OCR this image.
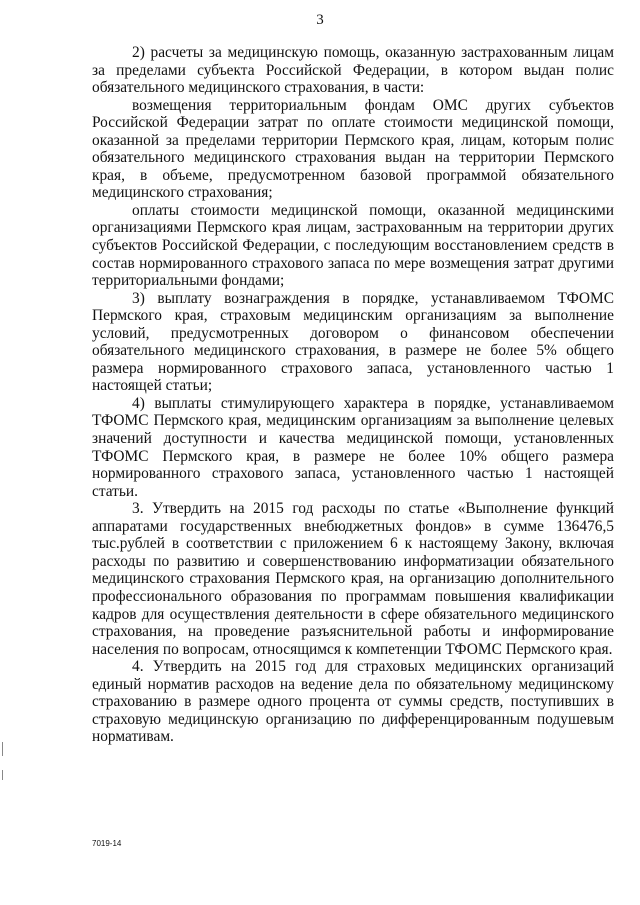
3

2) расчеты за медицинскую помощь, оказанную застрахованным лицам за пределами субъекта Российской Федерации, в котором выдан полис обязательного медицинского страхования, в части:

возмещения территориальным фондам ОМС других субъектов Российской Федерации затрат по оплате стоимости медицинской помощи, оказанной за пределами территории Пермского края, лицам, которым полис обязательного медицинского страхования выдан на территории Пермского края, в объеме, предусмотренном базовой программой обязательного медицинского страхования;

оплаты стоимости медицинской помощи, оказанной медицинскими организациями Пермского края лицам, застрахованным на территории других субъектов Российской Федерации, с последующим восстановлением средств в состав нормированного страхового запаса по мере возмещения затрат другими территориальными фондами;

3) выплату вознаграждения в порядке, устанавливаемом ТФОМС Пермского края, страховым медицинским организациям за выполнение условий, предусмотренных договором о финансовом обеспечении обязательного медицинского страхования, в размере не более 5% общего размера нормированного страхового запаса, установленного частью 1 настоящей статьи;

4) выплаты стимулирующего характера в порядке, устанавливаемом ТФОМС Пермского края, медицинским организациям за выполнение целевых значений доступности и качества медицинской помощи, установленных ТФОМС Пермского края, в размере не более 10% общего размера нормированного страхового запаса, установленного частью 1 настоящей статьи.

3. Утвердить на 2015 год расходы по статье «Выполнение функций аппаратами государственных внебюджетных фондов» в сумме 136476,5 тыс.рублей в соответствии с приложением 6 к настоящему Закону, включая расходы по развитию и совершенствованию информатизации обязательного медицинского страхования Пермского края, на организацию дополнительного профессионального образования по программам повышения квалификации кадров для осуществления деятельности в сфере обязательного медицинского страхования, на проведение разъяснительной работы и информирование населения по вопросам, относящимся к компетенции ТФОМС Пермского края.

4. Утвердить на 2015 год для страховых медицинских организаций единый норматив расходов на ведение дела по обязательному медицинскому страхованию в размере одного процента от суммы средств, поступивших в страховую медицинскую организацию по дифференцированным подушевым нормативам.

7019-14
